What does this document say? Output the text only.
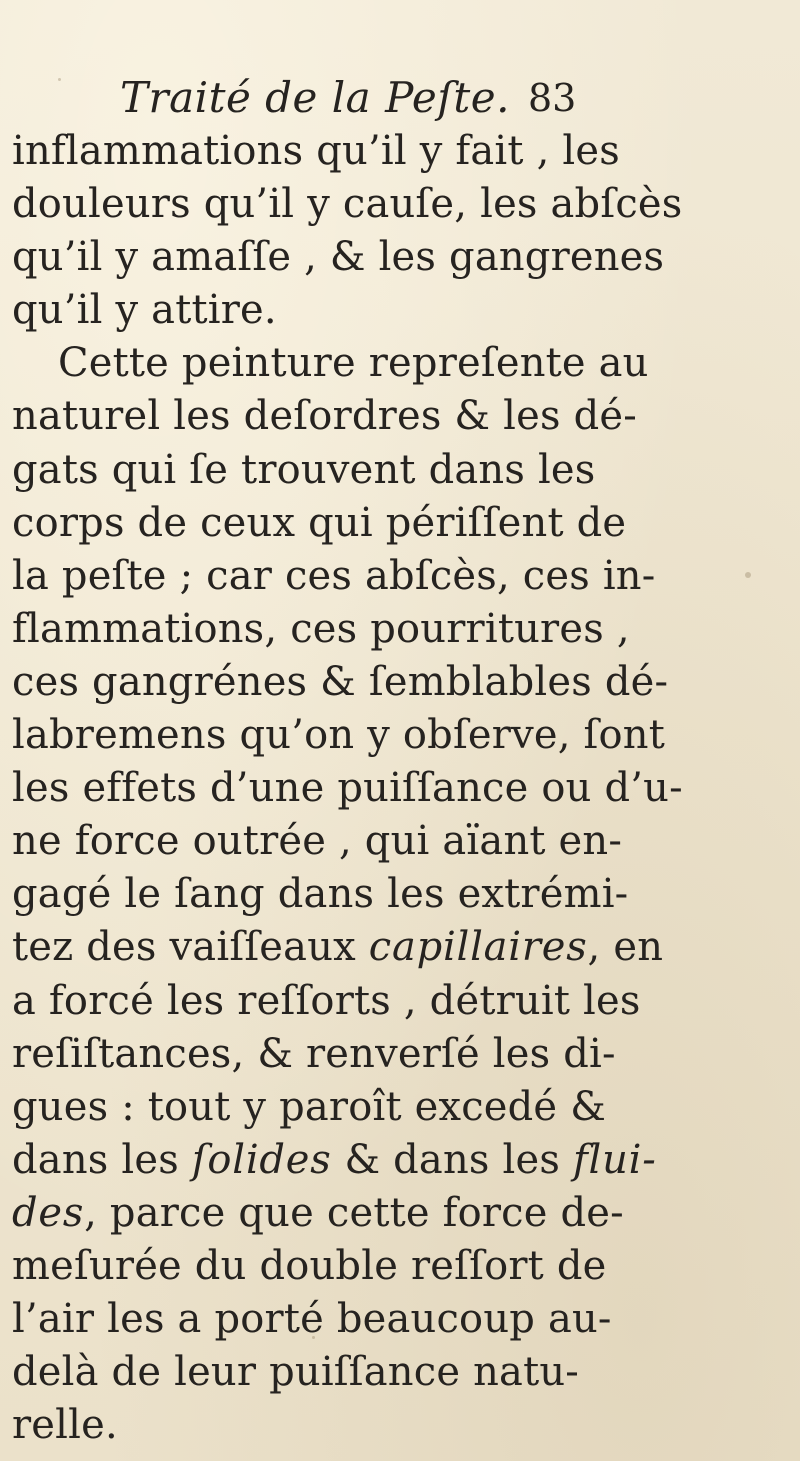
Traité de la Peſte. 83
inflammations qu’il y fait , les
douleurs qu’il y cauſe, les abſcès
qu’il y amaſſe , & les gangrenes
qu’il y attire.
Cette peinture repreſente au
naturel les deſordres & les dé-
gats qui ſe trouvent dans les
corps de ceux qui périſſent de
la peſte ; car ces abſcès, ces in-
flammations, ces pourritures ,
ces gangrénes & ſemblables dé-
labremens qu’on y obſerve, ſont
les effets d’une puiſſance ou d’u-
ne force outrée , qui aïant en-
gagé le ſang dans les extrémi-
tez des vaiſſeaux capillaires, en
a forcé les reſſorts , détruit les
reſiſtances, & renverſé les di-
gues : tout y paroît excedé &
dans les ſolides & dans les flui-
des, parce que cette force de-
meſurée du double reſſort de
l’air les a porté beaucoup au-
delà de leur puiſſance natu-
relle.
